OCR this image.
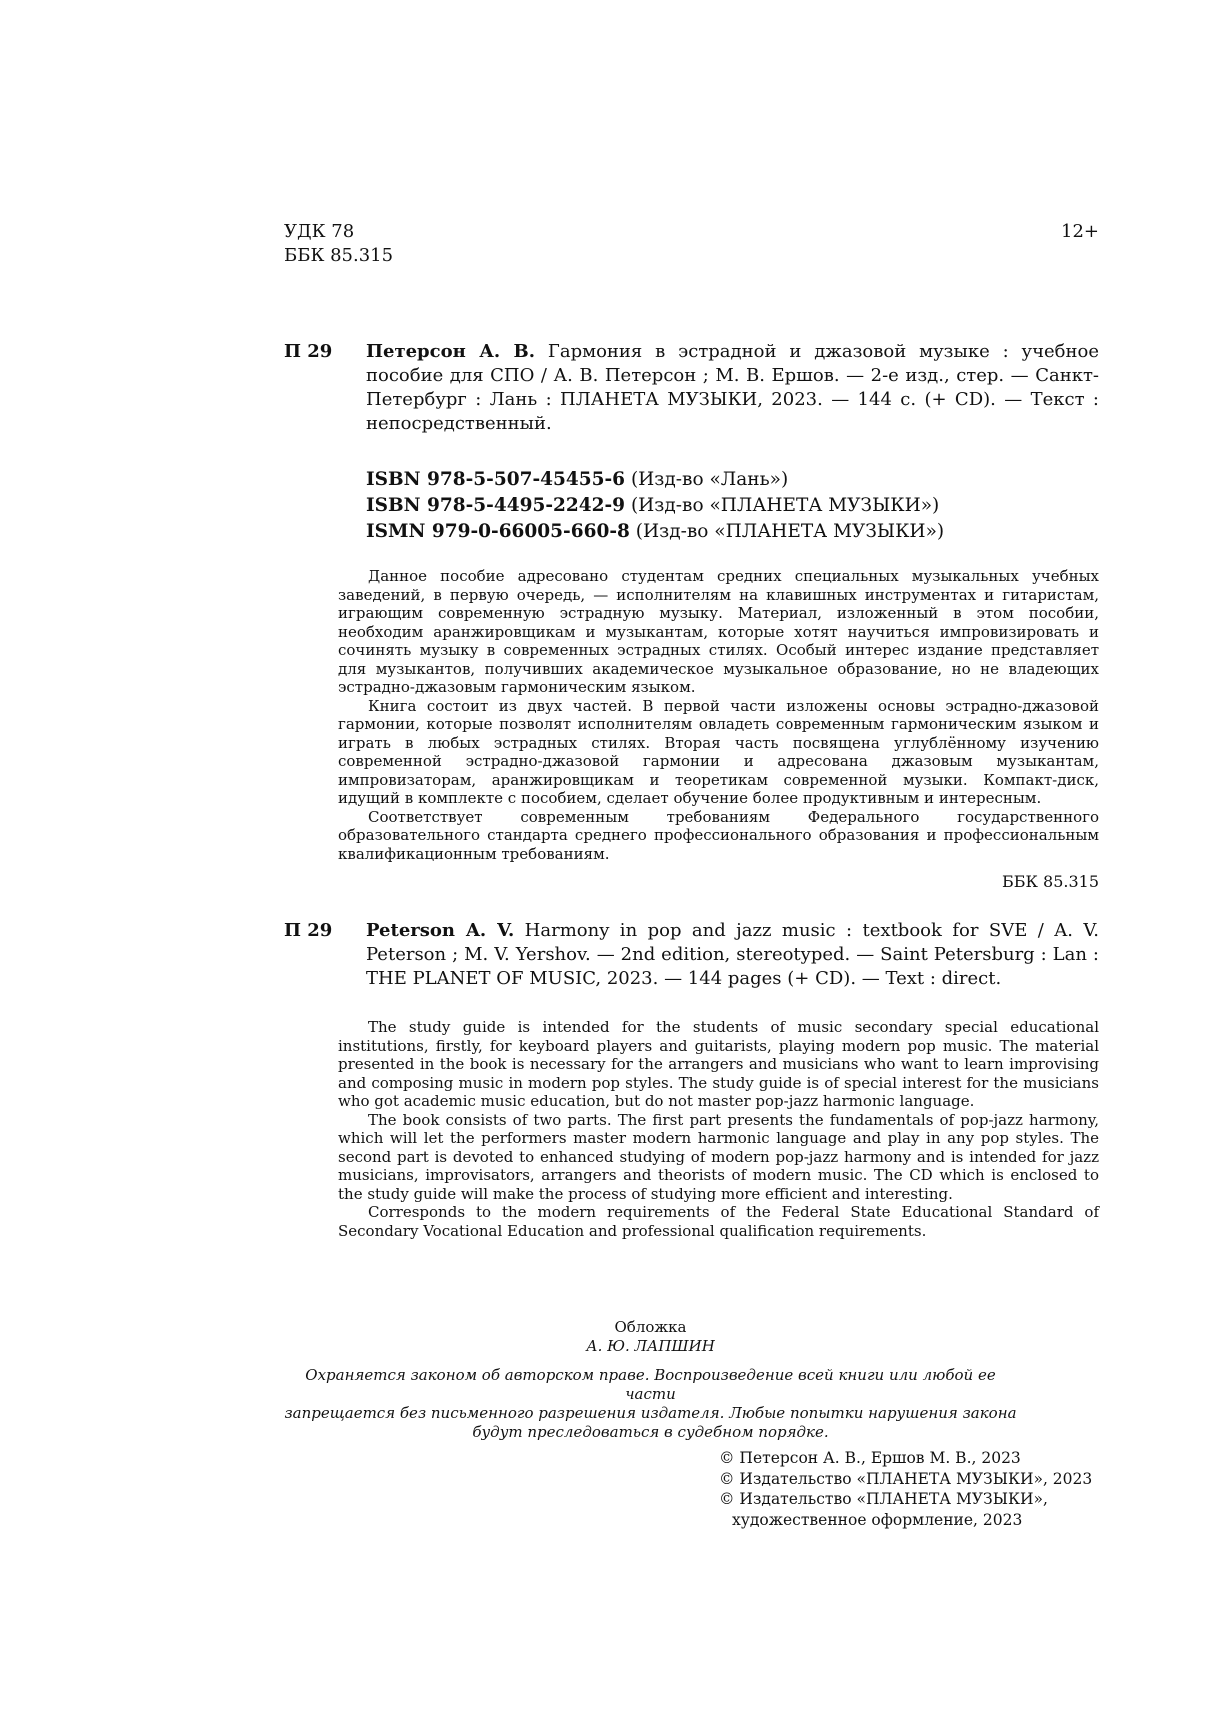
УДК 78
ББК 85.315
12+
П 29 Петерсон А. В. Гармония в эстрадной и джазовой музыке : учебное пособие для СПО / А. В. Петерсон ; М. В. Ершов. — 2-е изд., стер. — Санкт-Петербург : Лань : ПЛАНЕТА МУЗЫКИ, 2023. — 144 с. (+ CD). — Текст : непосредственный.
ISBN 978-5-507-45455-6 (Изд-во «Лань»)
ISBN 978-5-4495-2242-9 (Изд-во «ПЛАНЕТА МУЗЫКИ»)
ISMN 979-0-66005-660-8 (Изд-во «ПЛАНЕТА МУЗЫКИ»)

Данное пособие адресовано студентам средних специальных музыкальных учебных заведений, в первую очередь, — исполнителям на клавишных инструментах и гитаристам, играющим современную эстрадную музыку. Материал, изложенный в этом пособии, необходим аранжировщикам и музыкантам, которые хотят научиться импровизировать и сочинять музыку в современных эстрадных стилях. Особый интерес издание представляет для музыкантов, получивших академическое музыкальное образование, но не владеющих эстрадно-джазовым гармоническим языком.

Книга состоит из двух частей. В первой части изложены основы эстрадно-джазовой гармонии, которые позволят исполнителям овладеть современным гармоническим языком и играть в любых эстрадных стилях. Вторая часть посвящена углублённому изучению современной эстрадно-джазовой гармонии и адресована джазовым музыкантам, импровизаторам, аранжировщикам и теоретикам современной музыки. Компакт-диск, идущий в комплекте с пособием, сделает обучение более продуктивным и интересным.

Соответствует современным требованиям Федерального государственного образовательного стандарта среднего профессионального образования и профессиональным квалификационным требованиям.

ББК 85.315
П 29 Peterson A. V. Harmony in pop and jazz music : textbook for SVE / A. V. Peterson ; M. V. Yershov. — 2nd edition, stereotyped. — Saint Petersburg : Lan : THE PLANET OF MUSIC, 2023. — 144 pages (+ CD). — Text : direct.

The study guide is intended for the students of music secondary special educational institutions, firstly, for keyboard players and guitarists, playing modern pop music. The material presented in the book is necessary for the arrangers and musicians who want to learn improvising and composing music in modern pop styles. The study guide is of special interest for the musicians who got academic music education, but do not master pop-jazz harmonic language.

The book consists of two parts. The first part presents the fundamentals of pop-jazz harmony, which will let the performers master modern harmonic language and play in any pop styles. The second part is devoted to enhanced studying of modern pop-jazz harmony and is intended for jazz musicians, improvisators, arrangers and theorists of modern music. The CD which is enclosed to the study guide will make the process of studying more efficient and interesting.

Corresponds to the modern requirements of the Federal State Educational Standard of Secondary Vocational Education and professional qualification requirements.

Обложка
А. Ю. ЛАПШИН
Охраняется законом об авторском праве. Воспроизведение всей книги или любой ее части
запрещается без письменного разрешения издателя. Любые попытки нарушения закона
будут преследоваться в судебном порядке.
© Петерсон А. В., Ершов М. В., 2023
© Издательство «ПЛАНЕТА МУЗЫКИ», 2023
© Издательство «ПЛАНЕТА МУЗЫКИ»,
художественное оформление, 2023
